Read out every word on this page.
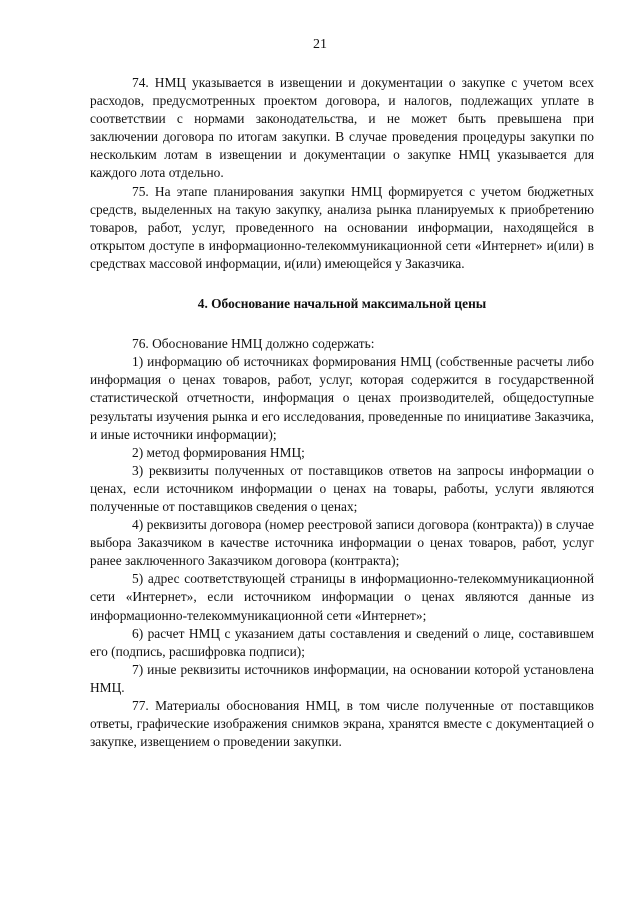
21

74. НМЦ указывается в извещении и документации о закупке с учетом всех расходов, предусмотренных проектом договора, и налогов, подлежащих уплате в соответствии с нормами законодательства, и не может быть превышена при заключении договора по итогам закупки. В случае проведения процедуры закупки по нескольким лотам в извещении и документации о закупке НМЦ указывается для каждого лота отдельно.

75. На этапе планирования закупки НМЦ формируется с учетом бюджетных средств, выделенных на такую закупку, анализа рынка планируемых к приобретению товаров, работ, услуг, проведенного на основании информации, находящейся в открытом доступе в информационно-телекоммуникационной сети «Интернет» и(или) в средствах массовой информации, и(или) имеющейся у Заказчика.

4. Обоснование начальной максимальной цены

76. Обоснование НМЦ должно содержать:

1) информацию об источниках формирования НМЦ (собственные расчеты либо информация о ценах товаров, работ, услуг, которая содержится в государственной статистической отчетности, информация о ценах производителей, общедоступные результаты изучения рынка и его исследования, проведенные по инициативе Заказчика, и иные источники информации);

2) метод формирования НМЦ;

3) реквизиты полученных от поставщиков ответов на запросы информации о ценах, если источником информации о ценах на товары, работы, услуги являются полученные от поставщиков сведения о ценах;

4) реквизиты договора (номер реестровой записи договора (контракта)) в случае выбора Заказчиком в качестве источника информации о ценах товаров, работ, услуг ранее заключенного Заказчиком договора (контракта);

5) адрес соответствующей страницы в информационно-телекоммуникационной сети «Интернет», если источником информации о ценах являются данные из информационно-телекоммуникационной сети «Интернет»;

6) расчет НМЦ с указанием даты составления и сведений о лице, составившем его (подпись, расшифровка подписи);

7) иные реквизиты источников информации, на основании которой установлена НМЦ.

77. Материалы обоснования НМЦ, в том числе полученные от поставщиков ответы, графические изображения снимков экрана, хранятся вместе с документацией о закупке, извещением о проведении закупки.
